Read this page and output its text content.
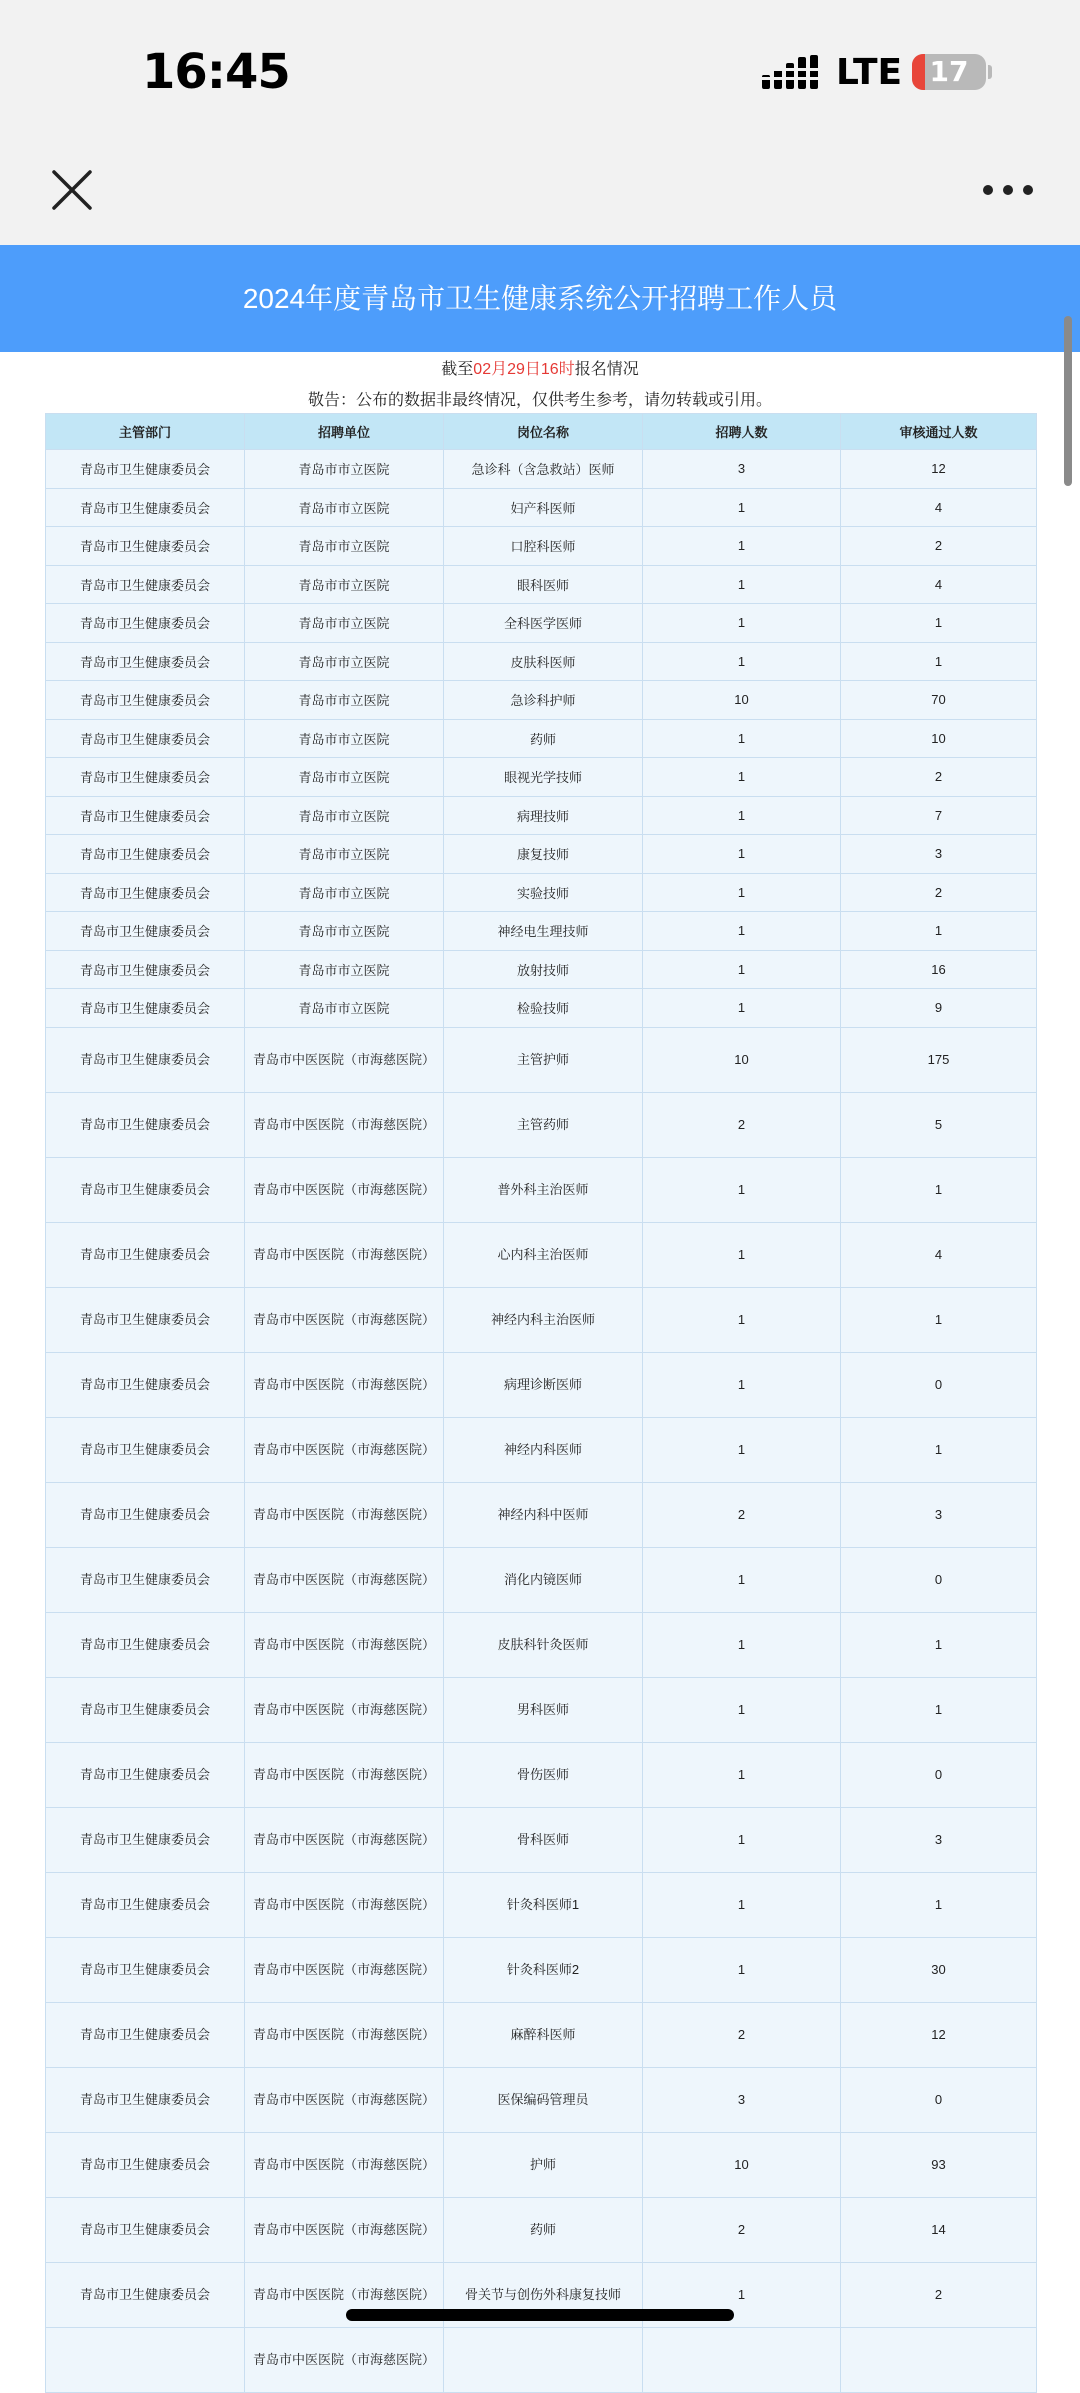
16:45	LTE 17
2024年度青岛市卫生健康系统公开招聘工作人员
截至02月29日16时报名情况
敬告：公布的数据非最终情况，仅供考生参考，请勿转载或引用。
主管部门	招聘单位	岗位名称	招聘人数	审核通过人数
青岛市卫生健康委员会	青岛市市立医院	急诊科（含急救站）医师	3	12
青岛市卫生健康委员会	青岛市市立医院	妇产科医师	1	4
青岛市卫生健康委员会	青岛市市立医院	口腔科医师	1	2
青岛市卫生健康委员会	青岛市市立医院	眼科医师	1	4
青岛市卫生健康委员会	青岛市市立医院	全科医学医师	1	1
青岛市卫生健康委员会	青岛市市立医院	皮肤科医师	1	1
青岛市卫生健康委员会	青岛市市立医院	急诊科护师	10	70
青岛市卫生健康委员会	青岛市市立医院	药师	1	10
青岛市卫生健康委员会	青岛市市立医院	眼视光学技师	1	2
青岛市卫生健康委员会	青岛市市立医院	病理技师	1	7
青岛市卫生健康委员会	青岛市市立医院	康复技师	1	3
青岛市卫生健康委员会	青岛市市立医院	实验技师	1	2
青岛市卫生健康委员会	青岛市市立医院	神经电生理技师	1	1
青岛市卫生健康委员会	青岛市市立医院	放射技师	1	16
青岛市卫生健康委员会	青岛市市立医院	检验技师	1	9
青岛市卫生健康委员会	青岛市中医医院（市海慈医院）	主管护师	10	175
青岛市卫生健康委员会	青岛市中医医院（市海慈医院）	主管药师	2	5
青岛市卫生健康委员会	青岛市中医医院（市海慈医院）	普外科主治医师	1	1
青岛市卫生健康委员会	青岛市中医医院（市海慈医院）	心内科主治医师	1	4
青岛市卫生健康委员会	青岛市中医医院（市海慈医院）	神经内科主治医师	1	1
青岛市卫生健康委员会	青岛市中医医院（市海慈医院）	病理诊断医师	1	0
青岛市卫生健康委员会	青岛市中医医院（市海慈医院）	神经内科医师	1	1
青岛市卫生健康委员会	青岛市中医医院（市海慈医院）	神经内科中医师	2	3
青岛市卫生健康委员会	青岛市中医医院（市海慈医院）	消化内镜医师	1	0
青岛市卫生健康委员会	青岛市中医医院（市海慈医院）	皮肤科针灸医师	1	1
青岛市卫生健康委员会	青岛市中医医院（市海慈医院）	男科医师	1	1
青岛市卫生健康委员会	青岛市中医医院（市海慈医院）	骨伤医师	1	0
青岛市卫生健康委员会	青岛市中医医院（市海慈医院）	骨科医师	1	3
青岛市卫生健康委员会	青岛市中医医院（市海慈医院）	针灸科医师1	1	1
青岛市卫生健康委员会	青岛市中医医院（市海慈医院）	针灸科医师2	1	30
青岛市卫生健康委员会	青岛市中医医院（市海慈医院）	麻醉科医师	2	12
青岛市卫生健康委员会	青岛市中医医院（市海慈医院）	医保编码管理员	3	0
青岛市卫生健康委员会	青岛市中医医院（市海慈医院）	护师	10	93
青岛市卫生健康委员会	青岛市中医医院（市海慈医院）	药师	2	14
青岛市卫生健康委员会	青岛市中医医院（市海慈医院）	骨关节与创伤外科康复技师	1	2
	青岛市中医医院（市海慈医院）			
